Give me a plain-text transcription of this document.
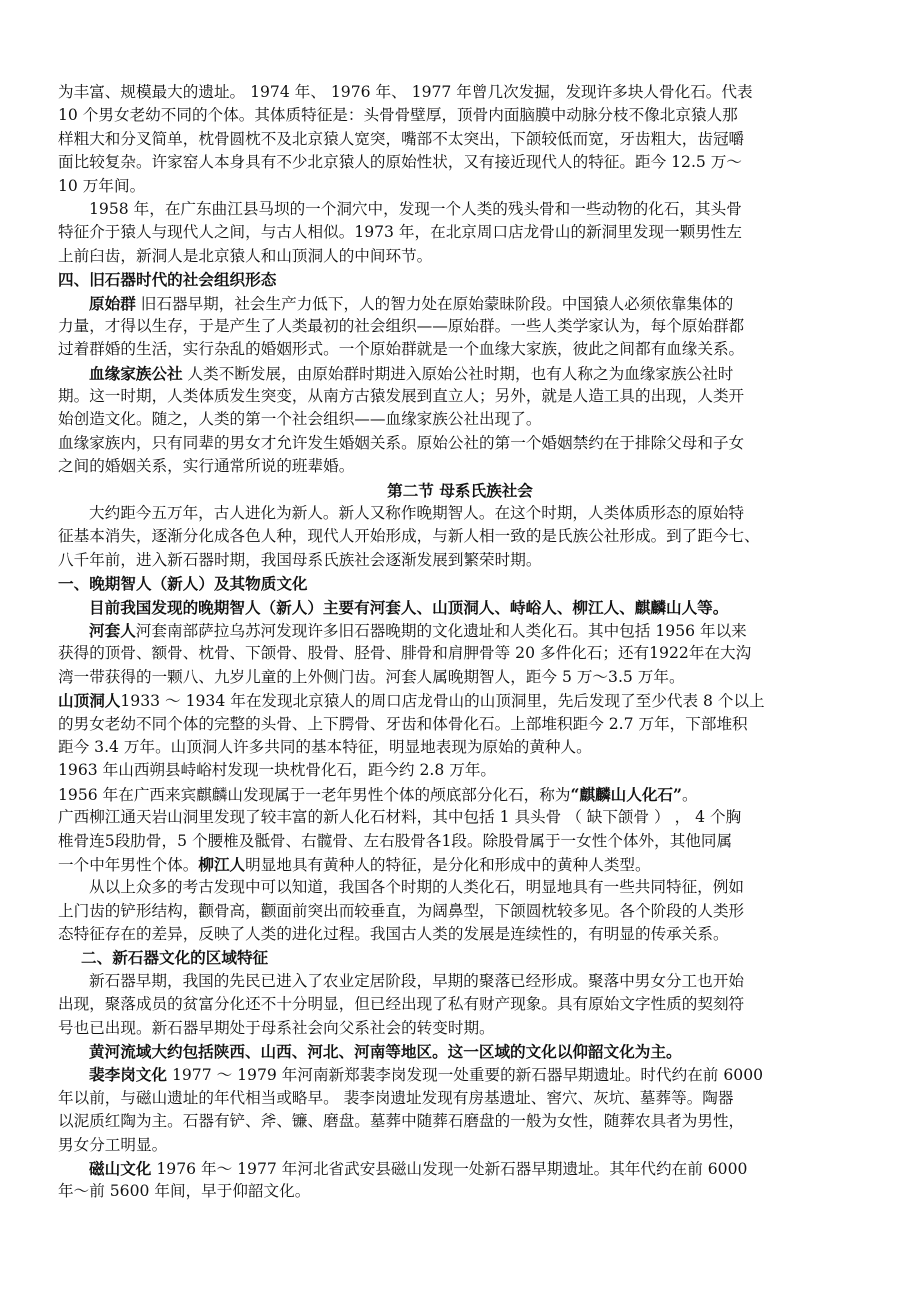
为丰富、规模最大的遗址。 1974 年、 1976 年、 1977 年曾几次发掘，发现许多块人骨化石。代表
10 个男女老幼不同的个体。其体质特征是：头骨骨壁厚，顶骨内面脑膜中动脉分枝不像北京猿人那
样粗大和分叉简单，枕骨圆枕不及北京猿人宽突，嘴部不太突出，下颌较低而宽，牙齿粗大，齿冠嚼
面比较复杂。许家窑人本身具有不少北京猿人的原始性状，又有接近现代人的特征。距今 12.5 万～
10 万年间。
1958 年，在广东曲江县马坝的一个洞穴中，发现一个人类的残头骨和一些动物的化石，其头骨
特征介于猿人与现代人之间，与古人相似。1973 年，在北京周口店龙骨山的新洞里发现一颗男性左
上前臼齿，新洞人是北京猿人和山顶洞人的中间环节。
四、旧石器时代的社会组织形态
原始群 旧石器早期，社会生产力低下，人的智力处在原始蒙昧阶段。中国猿人必须依靠集体的
力量，才得以生存，于是产生了人类最初的社会组织——原始群。一些人类学家认为，每个原始群都
过着群婚的生活，实行杂乱的婚姻形式。一个原始群就是一个血缘大家族，彼此之间都有血缘关系。
血缘家族公社 人类不断发展，由原始群时期进入原始公社时期，也有人称之为血缘家族公社时
期。这一时期，人类体质发生突变，从南方古猿发展到直立人；另外，就是人造工具的出现，人类开
始创造文化。随之，人类的第一个社会组织——血缘家族公社出现了。
血缘家族内，只有同辈的男女才允许发生婚姻关系。原始公社的第一个婚姻禁约在于排除父母和子女
之间的婚姻关系，实行通常所说的班辈婚。
第二节 母系氏族社会
大约距今五万年，古人进化为新人。新人又称作晚期智人。在这个时期，人类体质形态的原始特
征基本消失，逐渐分化成各色人种，现代人开始形成，与新人相一致的是氏族公社形成。到了距今七、
八千年前，进入新石器时期，我国母系氏族社会逐渐发展到繁荣时期。
一、晚期智人（新人）及其物质文化
目前我国发现的晚期智人（新人）主要有河套人、山顶洞人、峙峪人、柳江人、麒麟山人等。
河套人河套南部萨拉乌苏河发现许多旧石器晚期的文化遗址和人类化石。其中包括 1956 年以来
获得的顶骨、额骨、枕骨、下颌骨、股骨、胫骨、腓骨和肩胛骨等 20 多件化石；还有1922年在大沟
湾一带获得的一颗八、九岁儿童的上外侧门齿。河套人属晚期智人，距今 5 万～3.5 万年。
山顶洞人1933 ～ 1934 年在发现北京猿人的周口店龙骨山的山顶洞里，先后发现了至少代表 8 个以上
的男女老幼不同个体的完整的头骨、上下腭骨、牙齿和体骨化石。上部堆积距今 2.7 万年，下部堆积
距今 3.4 万年。山顶洞人许多共同的基本特征，明显地表现为原始的黄种人。
1963 年山西朔县峙峪村发现一块枕骨化石，距今约 2.8 万年。
1956 年在广西来宾麒麟山发现属于一老年男性个体的颅底部分化石，称为“麒麟山人化石”。
广西柳江通天岩山洞里发现了较丰富的新人化石材料，其中包括 1 具头骨 （ 缺下颌骨 ） ， 4 个胸
椎骨连5段肋骨，5 个腰椎及骶骨、右髋骨、左右股骨各1段。除股骨属于一女性个体外，其他同属
一个中年男性个体。柳江人明显地具有黄种人的特征，是分化和形成中的黄种人类型。
从以上众多的考古发现中可以知道，我国各个时期的人类化石，明显地具有一些共同特征，例如
上门齿的铲形结构，颧骨高，颧面前突出而较垂直，为阔鼻型，下颌圆枕较多见。各个阶段的人类形
态特征存在的差异，反映了人类的进化过程。我国古人类的发展是连续性的，有明显的传承关系。
二、新石器文化的区域特征
新石器早期，我国的先民已进入了农业定居阶段，早期的聚落已经形成。聚落中男女分工也开始
出现，聚落成员的贫富分化还不十分明显，但已经出现了私有财产现象。具有原始文字性质的契刻符
号也已出现。新石器早期处于母系社会向父系社会的转变时期。
黄河流域大约包括陕西、山西、河北、河南等地区。这一区域的文化以仰韶文化为主。
裴李岗文化 1977 ～ 1979 年河南新郑裴李岗发现一处重要的新石器早期遗址。时代约在前 6000
年以前，与磁山遗址的年代相当或略早。 裴李岗遗址发现有房基遗址、窖穴、灰坑、墓葬等。陶器
以泥质红陶为主。石器有铲、斧、镰、磨盘。墓葬中随葬石磨盘的一般为女性，随葬农具者为男性，
男女分工明显。
磁山文化 1976 年～ 1977 年河北省武安县磁山发现一处新石器早期遗址。其年代约在前 6000
年～前 5600 年间，早于仰韶文化。
